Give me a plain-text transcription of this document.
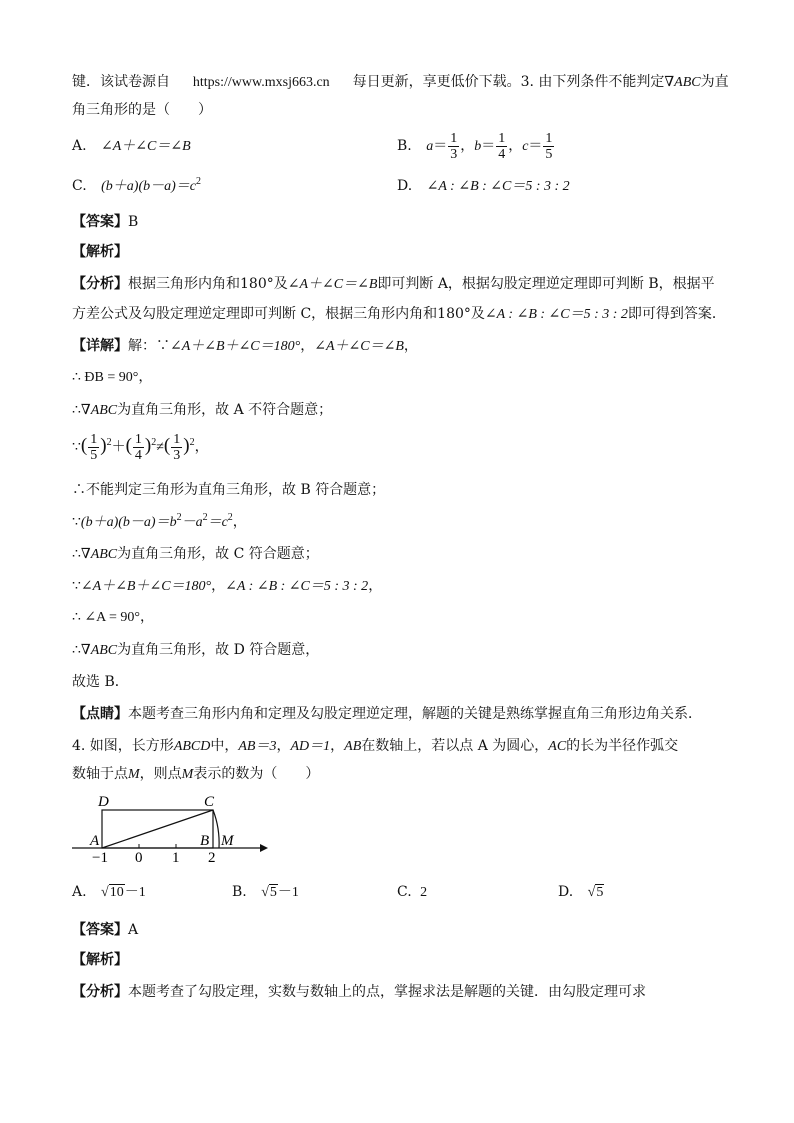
键．该试卷源自 https://www.mxsj663.cn 每日更新，享更低价下载。3. 由下列条件不能判定∇ABC为直
角三角形的是（　　）
A. ∠A＋∠C＝∠B	B. $a= \frac{1}{3}$ ，$b= \frac{1}{4}$ ，$c= \frac{1}{5}$
C. $(b+a)(b-a)=c^2$	D. ∠A : ∠B : ∠C＝5 : 3 : 2
【答案】B
【解析】
【分析】根据三角形内角和180°及∠A＋∠C＝∠B即可判断 A，根据勾股定理逆定理即可判断 B，根据平
方差公式及勾股定理逆定理即可判断 C，根据三角形内角和180°及∠A : ∠B : ∠C＝5 : 3 : 2即可得到答案．
【详解】解：∵∠A＋∠B＋∠C＝180°，∠A＋∠C＝∠B，
∴ ÐB = 90°，
∴∇ABC为直角三角形，故 A 不符合题意；
∵( $\frac{1}{5} )^2+( \frac{1}{4} )^2\ne( \frac{1}{3} )^2$，
∴不能判定三角形为直角三角形，故 B 符合题意；
$\because(b+a)(b-a)=b^2-a^2=c^2$，
∴∇ABC为直角三角形，故 C 符合题意；
∵∠A＋∠B＋∠C＝180°，∠A : ∠B : ∠C＝5 : 3 : 2，
∴ ∠A = 90°，
∴∇ABC为直角三角形，故 D 符合题意，
故选 B．
【点睛】本题考查三角形内角和定理及勾股定理逆定理，解题的关键是熟练掌握直角三角形边角关系．
4. 如图，长方形ABCD中，AB＝3，AD＝1，AB在数轴上，若以点 A 为圆心，AC的长为半径作弧交
数轴于点M，则点M表示的数为（　　）
D	C
A	B M
−1 0 1 2
A. √10－1	B. √5－1	C. 2	D. √5
【答案】A
【解析】
【分析】本题考查了勾股定理，实数与数轴上的点，掌握求法是解题的关键．由勾股定理可求
